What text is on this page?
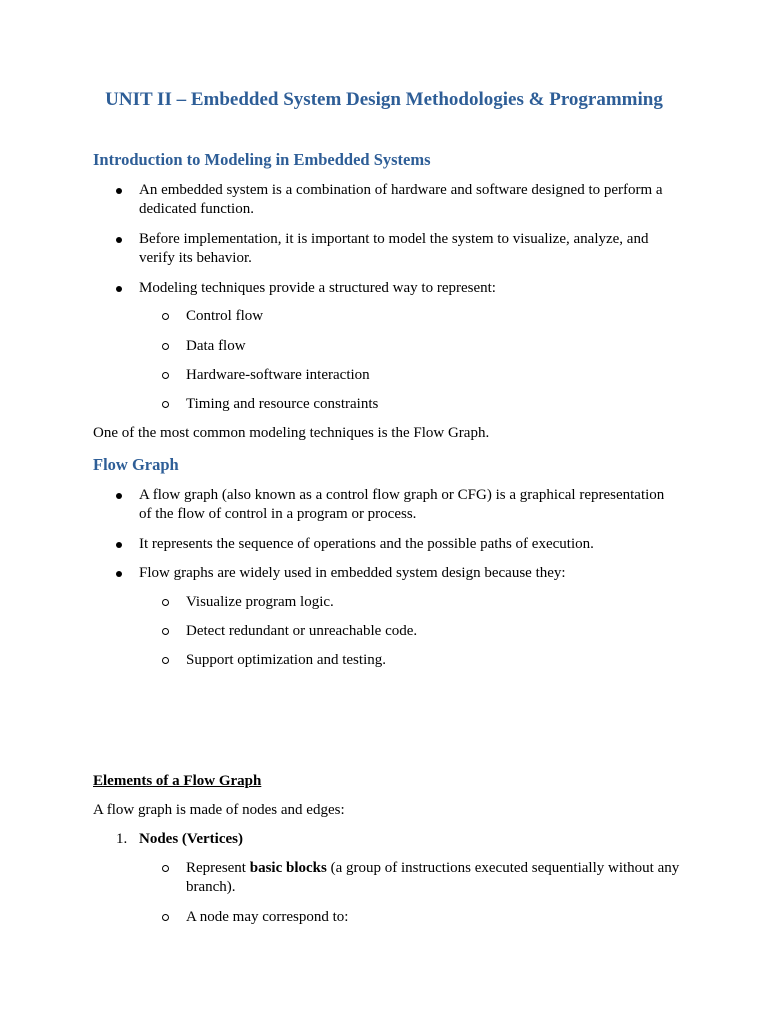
UNIT II – Embedded System Design Methodologies & Programming
Introduction to Modeling in Embedded Systems
An embedded system is a combination of hardware and software designed to perform a dedicated function.
Before implementation, it is important to model the system to visualize, analyze, and verify its behavior.
Modeling techniques provide a structured way to represent:
Control flow
Data flow
Hardware-software interaction
Timing and resource constraints
One of the most common modeling techniques is the Flow Graph.
Flow Graph
A flow graph (also known as a control flow graph or CFG) is a graphical representation of the flow of control in a program or process.
It represents the sequence of operations and the possible paths of execution.
Flow graphs are widely used in embedded system design because they:
Visualize program logic.
Detect redundant or unreachable code.
Support optimization and testing.
Elements of a Flow Graph
A flow graph is made of nodes and edges:
1. Nodes (Vertices)
Represent basic blocks (a group of instructions executed sequentially without any branch).
A node may correspond to:
